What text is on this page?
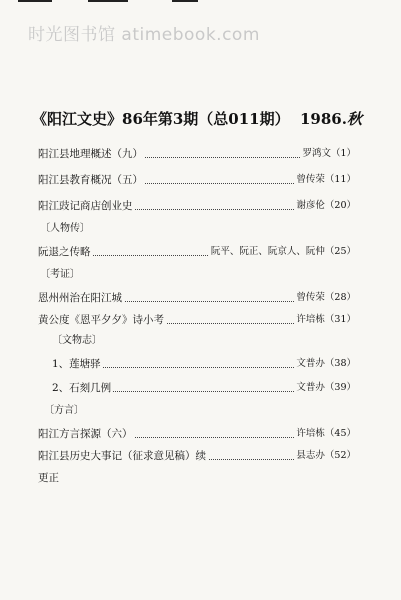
时光图书馆 atimebook.com
《阳江文史》86年第3期（总011期） 1986.秋
阳江县地理概述（九）	罗鸿文（1）
阳江县教育概况（五）	曾传荣（11）
阳江豉记商店创业史	谢彦伦（20）
〔人物传〕
阮退之传略	阮平、阮正、阮京人、阮仲（25）
〔考证〕
恩州州治在阳江城	曾传荣（28）
黄公度《恩平夕夕》诗小考	许培栋（31）
〔文物志〕
1、莲塘驿	文普办（38）
2、石刻几例	文普办（39）
〔方言〕
阳江方言探源（六）	许培栋（45）
阳江县历史大事记（征求意见稿）续	县志办（52）
更正
